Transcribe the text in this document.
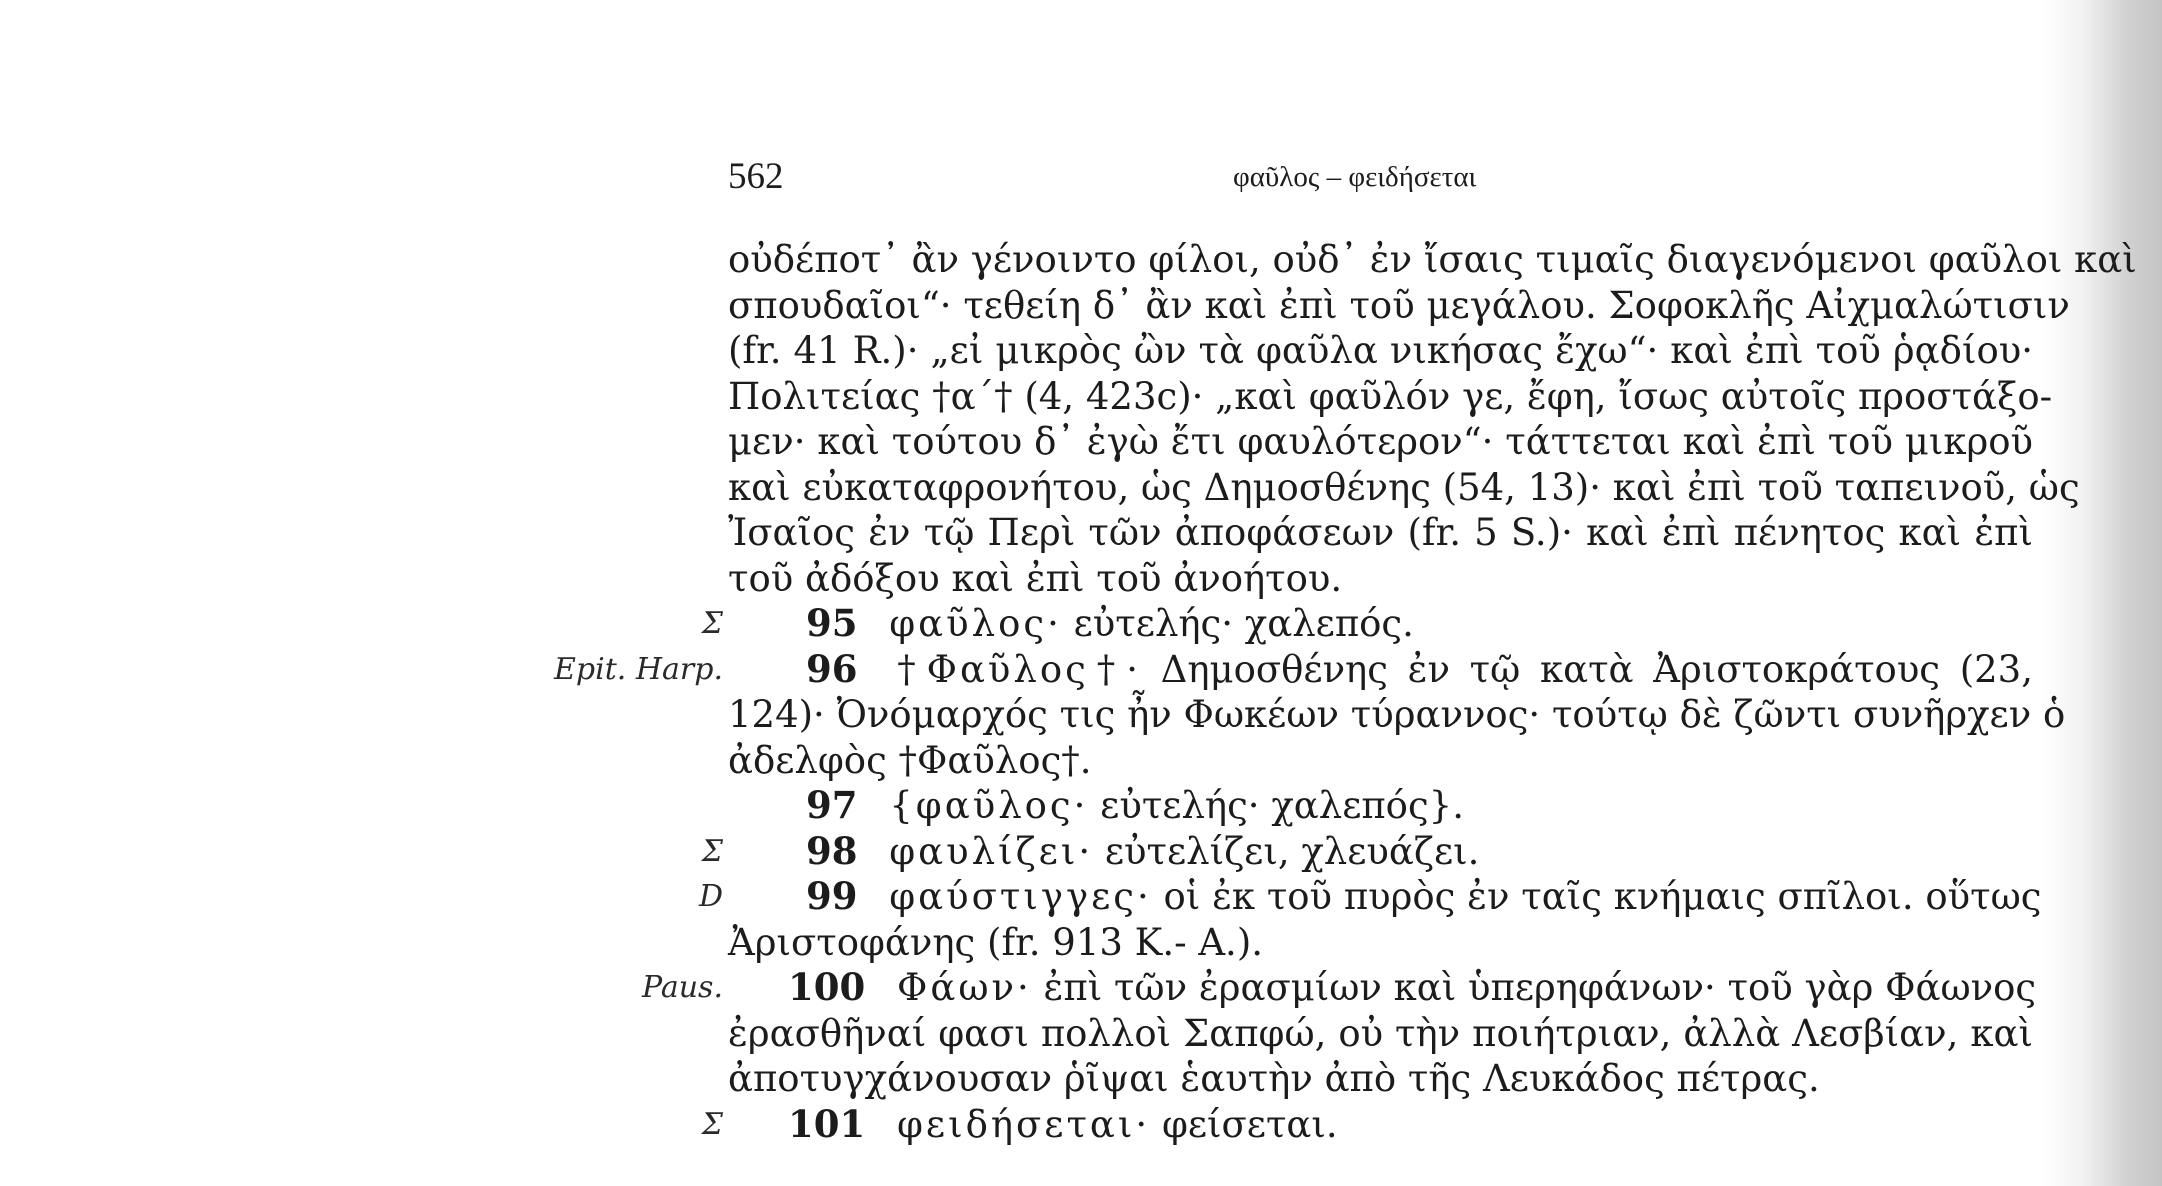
562	φαῦλος – φειδήσεται
οὐδέποτ᾽ ἂν γένοιντο φίλοι, οὐδ᾽ ἐν ἴσαις τιμαῖς διαγενόμενοι φαῦλοι καὶ
σπουδαῖοι“· τεθείη δ᾽ ἂν καὶ ἐπὶ τοῦ μεγάλου. Σοφοκλῆς Αἰχμαλώτισιν
(fr. 41 R.)· „εἰ μικρὸς ὢν τὰ φαῦλα νικήσας ἔχω“· καὶ ἐπὶ τοῦ ῥᾳδίου·
Πολιτείας †α´† (4, 423c)· „καὶ φαῦλόν γε, ἔφη, ἴσως αὐτοῖς προστάξο-
μεν· καὶ τούτου δ᾽ ἐγὼ ἔτι φαυλότερον“· τάττεται καὶ ἐπὶ τοῦ μικροῦ
καὶ εὐκαταφρονήτου, ὡς Δημοσθένης (54, 13)· καὶ ἐπὶ τοῦ ταπεινοῦ, ὡς
Ἰσαῖος ἐν τῷ Περὶ τῶν ἀποφάσεων (fr. 5 S.)· καὶ ἐπὶ πένητος καὶ ἐπὶ
τοῦ ἀδόξου καὶ ἐπὶ τοῦ ἀνοήτου.
Σ 95 φαῦλος· εὐτελής· χαλεπός.
Epit. Harp. 96 †Φαῦλος†· Δημοσθένης ἐν τῷ κατὰ Ἀριστοκράτους (23,
124)· Ὀνόμαρχός τις ἦν Φωκέων τύραννος· τούτῳ δὲ ζῶντι συνῆρχεν ὁ
ἀδελφὸς †Φαῦλος†.
97 {φαῦλος· εὐτελής· χαλεπός}.
Σ 98 φαυλίζει· εὐτελίζει, χλευάζει.
D 99 φαύστιγγες· οἱ ἐκ τοῦ πυρὸς ἐν ταῖς κνήμαις σπῖλοι. οὕτως
Ἀριστοφάνης (fr. 913 K.- A.).
Paus. 100 Φάων· ἐπὶ τῶν ἐρασμίων καὶ ὑπερηφάνων· τοῦ γὰρ Φάωνος
ἐρασθῆναί φασι πολλοὶ Σαπφώ, οὐ τὴν ποιήτριαν, ἀλλὰ Λεσβίαν, καὶ
ἀποτυγχάνουσαν ῥῖψαι ἑαυτὴν ἀπὸ τῆς Λευκάδος πέτρας.
Σ 101 φειδήσεται· φείσεται.
